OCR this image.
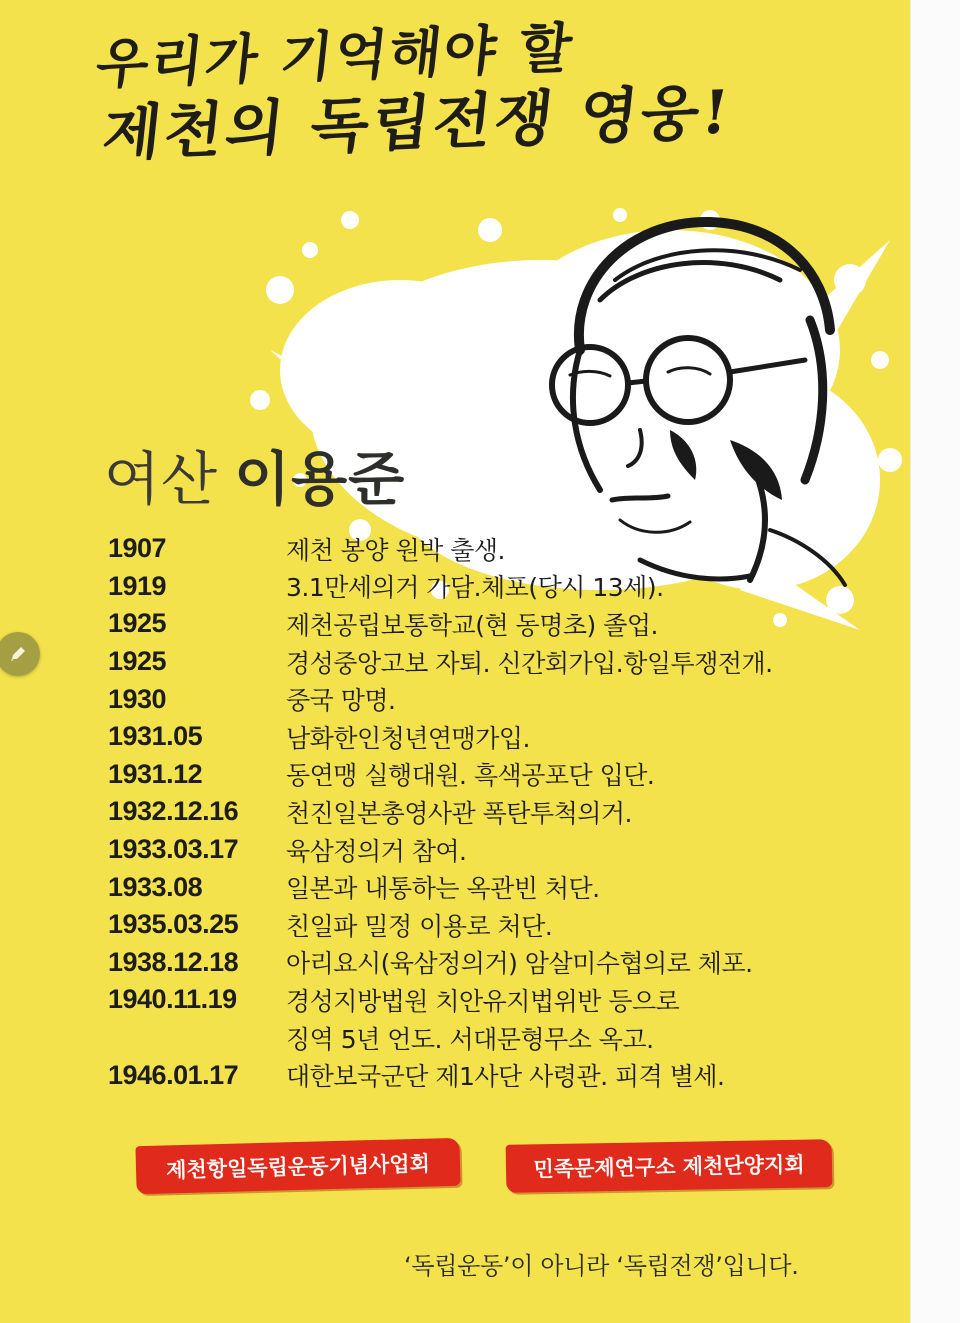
우리가 기억해야 할
제천의 독립전쟁 영웅!
여산 이용준
1907	제천 봉양 원박 출생.
1919	3.1만세의거 가담.체포(당시 13세).
1925	제천공립보통학교(현 동명초) 졸업.
1925	경성중앙고보 자퇴. 신간회가입.항일투쟁전개.
1930	중국 망명.
1931.05	남화한인청년연맹가입.
1931.12	동연맹 실행대원. 흑색공포단 입단.
1932.12.16	천진일본총영사관 폭탄투척의거.
1933.03.17	육삼정의거 참여.
1933.08	일본과 내통하는 옥관빈 처단.
1935.03.25	친일파 밀정 이용로 처단.
1938.12.18	아리요시(육삼정의거) 암살미수협의로 체포.
1940.11.19	경성지방법원 치안유지법위반 등으로
징역 5년 언도. 서대문형무소 옥고.
1946.01.17	대한보국군단 제1사단 사령관. 피격 별세.
제천항일독립운동기념사업회	민족문제연구소 제천단양지회
‘독립운동’이 아니라 ‘독립전쟁’입니다.
